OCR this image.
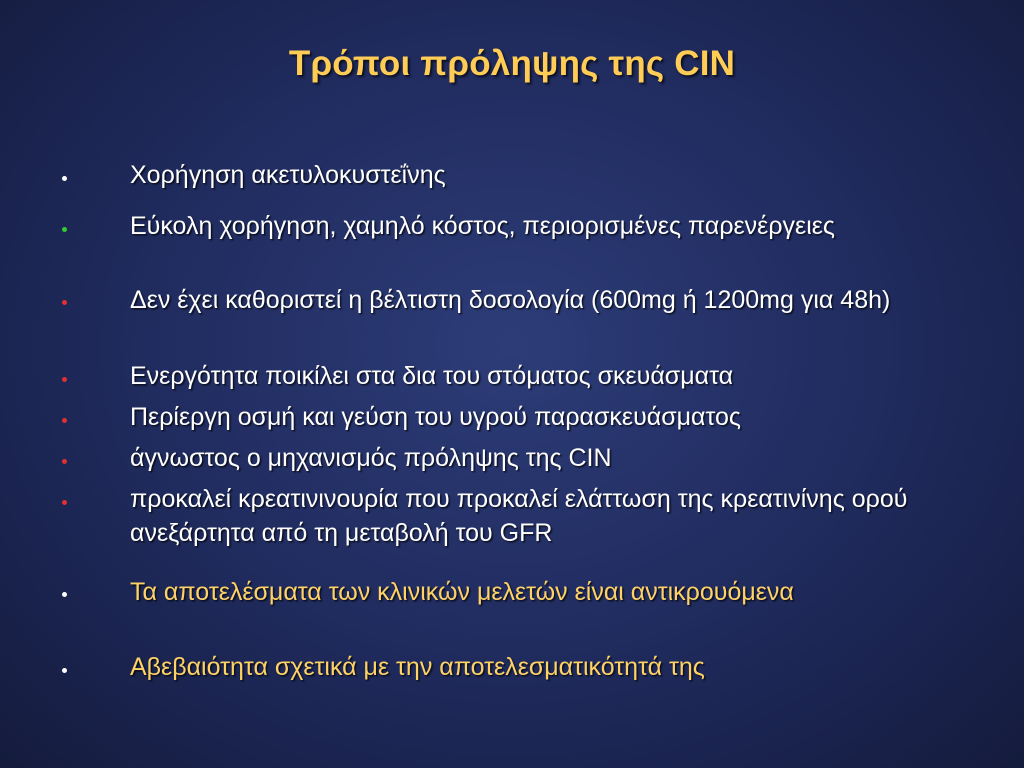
Τρόποι πρόληψης της CIN
Χορήγηση ακετυλοκυστεΐνης
Εύκολη χορήγηση, χαμηλό κόστος, περιορισμένες παρενέργειες
Δεν έχει καθοριστεί η βέλτιστη δοσολογία (600mg ή 1200mg για 48h)
Ενεργότητα ποικίλει στα δια του στόματος σκευάσματα
Περίεργη οσμή και γεύση του υγρού παρασκευάσματος
άγνωστος ο μηχανισμός πρόληψης της CIN
προκαλεί κρεατινινουρία που προκαλεί ελάττωση της κρεατινίνης ορού ανεξάρτητα από τη μεταβολή του GFR
Τα αποτελέσματα των κλινικών μελετών είναι αντικρουόμενα
Αβεβαιότητα σχετικά με την αποτελεσματικότητά της
